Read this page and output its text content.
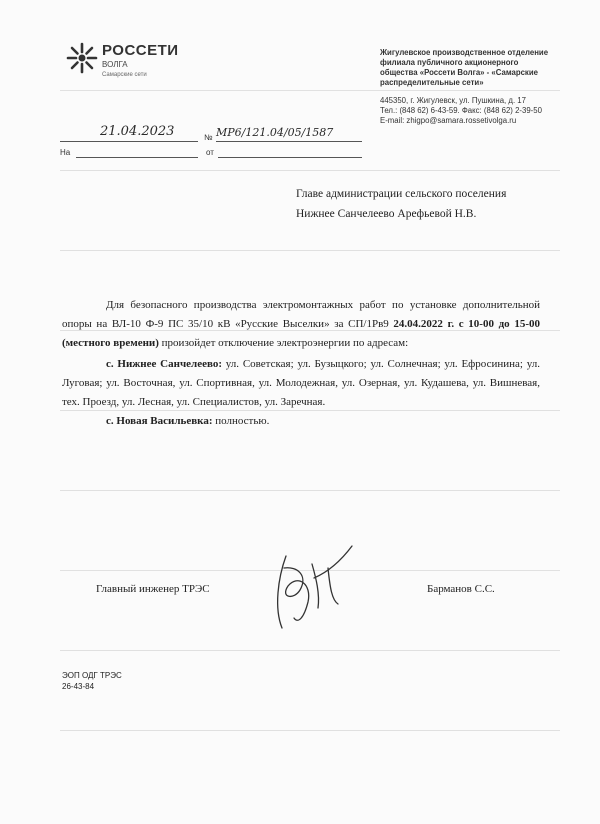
РОССЕТИ
ВОЛГА
Самарские сети
Жигулевское производственное отделение филиала публичного акционерного общества «Россети Волга» - «Самарские распределительные сети»
445350, г. Жигулевск, ул. Пушкина, д. 17
Тел.: (848 62) 6-43-59. Факс: (848 62) 2-39-50
E-mail: zhigpo@samara.rossetivolga.ru
21.04.2023	№ МР6/121.04/05/1587
На	от
Главе администрации сельского поселения
Нижнее Санчелеево Арефьевой Н.В.

Для безопасного производства электромонтажных работ по установке дополнительной опоры на ВЛ-10 Ф-9 ПС 35/10 кВ «Русские Выселки» за СП/1Рв9 24.04.2022 г. с 10-00 до 15-00 (местного времени) произойдет отключение электроэнергии по адресам:

с. Нижнее Санчелеево: ул. Советская; ул. Бузыцкого; ул. Солнечная; ул. Ефросинина; ул. Луговая; ул. Восточная, ул. Спортивная, ул. Молодежная, ул. Озерная, ул. Кудашева, ул. Вишневая, тех. Проезд, ул. Лесная, ул. Специалистов, ул. Заречная.

с. Новая Васильевка: полностью.

Главный инженер ТРЭС	Барманов С.С.
ЭОП ОДГ ТРЭС
26-43-84
